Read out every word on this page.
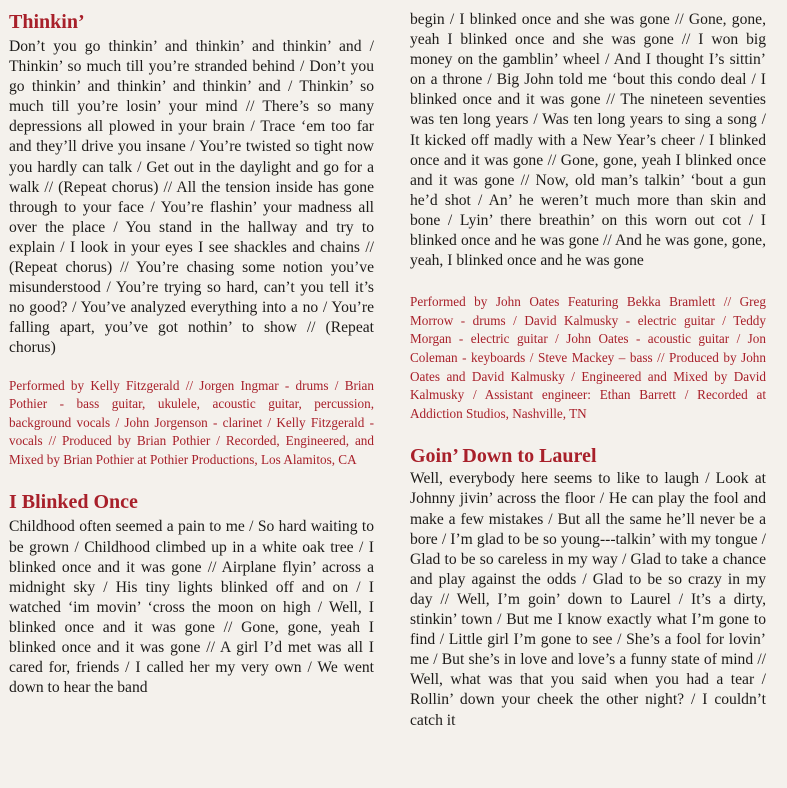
Thinkin’

Don’t you go thinkin’ and thinkin’ and thinkin’ and / Thinkin’ so much till you’re stranded behind / Don’t you go thinkin’ and thinkin’ and thinkin’ and / Thinkin’ so much till you’re losin’ your mind // There’s so many depressions all plowed in your brain / Trace ‘em too far and they’ll drive you insane / You’re twisted so tight now you hardly can talk / Get out in the daylight and go for a walk // (Repeat chorus) // All the tension inside has gone through to your face / You’re flashin’ your madness all over the place / You stand in the hallway and try to explain / I look in your eyes I see shackles and chains // (Repeat chorus) // You’re chasing some notion you’ve misunderstood / You’re trying so hard, can’t you tell it’s no good? / You’ve analyzed everything into a no / You’re falling apart, you’ve got nothin’ to show // (Repeat chorus)

Performed by Kelly Fitzgerald // Jorgen Ingmar - drums / Brian Pothier - bass guitar, ukulele, acoustic guitar, percussion, background vocals / John Jorgenson - clarinet / Kelly Fitzgerald - vocals // Produced by Brian Pothier / Recorded, Engineered, and Mixed by Brian Pothier at Pothier Productions, Los Alamitos, CA

I Blinked Once

Childhood often seemed a pain to me / So hard waiting to be grown / Childhood climbed up in a white oak tree / I blinked once and it was gone // Airplane flyin’ across a midnight sky / His tiny lights blinked off and on / I watched ‘im movin’ ‘cross the moon on high / Well, I blinked once and it was gone // Gone, gone, yeah I blinked once and it was gone // A girl I’d met was all I cared for, friends / I called her my very own / We went down to hear the band

begin / I blinked once and she was gone // Gone, gone, yeah I blinked once and she was gone // I won big money on the gamblin’ wheel / And I thought I’s sittin’ on a throne / Big John told me ‘bout this condo deal / I blinked once and it was gone // The nineteen seventies was ten long years / Was ten long years to sing a song / It kicked off madly with a New Year’s cheer / I blinked once and it was gone // Gone, gone, yeah I blinked once and it was gone // Now, old man’s talkin’ ‘bout a gun he’d shot / An’ he weren’t much more than skin and bone / Lyin’ there breathin’ on this worn out cot / I blinked once and he was gone // And he was gone, gone, yeah, I blinked once and he was gone

Performed by John Oates Featuring Bekka Bramlett // Greg Morrow - drums / David Kalmusky - electric guitar / Teddy Morgan - electric guitar / John Oates - acoustic guitar / Jon Coleman - keyboards / Steve Mackey – bass // Produced by John Oates and David Kalmusky / Engineered and Mixed by David Kalmusky / Assistant engineer: Ethan Barrett / Recorded at Addiction Studios, Nashville, TN

Goin’ Down to Laurel

Well, everybody here seems to like to laugh / Look at Johnny jivin’ across the floor / He can play the fool and make a few mistakes / But all the same he’ll never be a bore / I’m glad to be so young---talkin’ with my tongue / Glad to be so careless in my way / Glad to take a chance and play against the odds / Glad to be so crazy in my day // Well, I’m goin’ down to Laurel / It’s a dirty, stinkin’ town / But me I know exactly what I’m gone to find / Little girl I’m gone to see / She’s a fool for lovin’ me / But she’s in love and love’s a funny state of mind // Well, what was that you said when you had a tear / Rollin’ down your cheek the other night? / I couldn’t catch it
